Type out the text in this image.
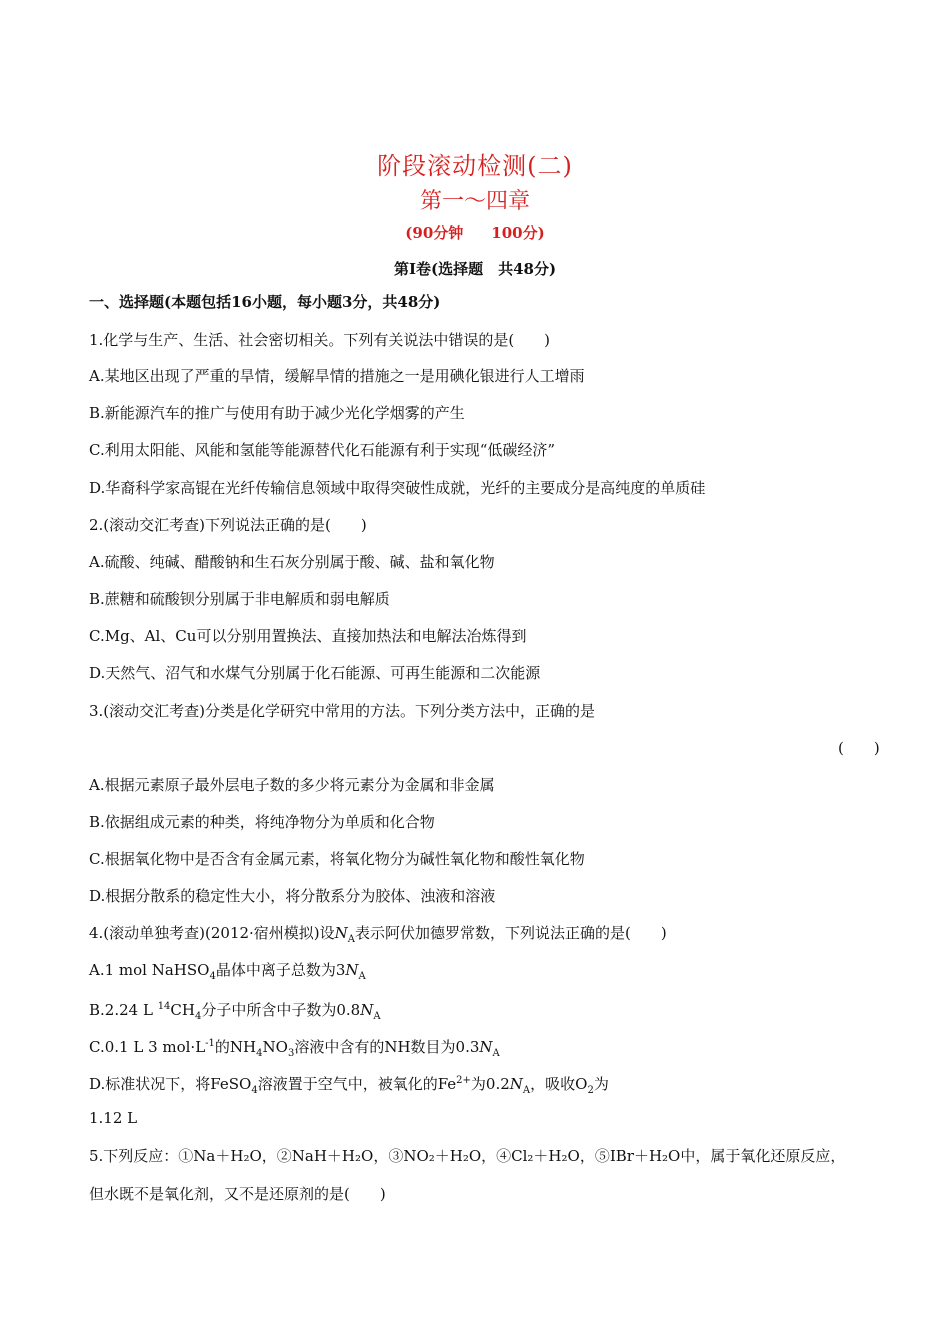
阶段滚动检测(二)
第一～四章
(90分钟 100分)
第Ⅰ卷(选择题　共48分)
一、选择题(本题包括16小题，每小题3分，共48分)
1.化学与生产、生活、社会密切相关。下列有关说法中错误的是(　　)
A.某地区出现了严重的旱情，缓解旱情的措施之一是用碘化银进行人工增雨
B.新能源汽车的推广与使用有助于减少光化学烟雾的产生
C.利用太阳能、风能和氢能等能源替代化石能源有利于实现“低碳经济”
D.华裔科学家高锟在光纤传输信息领域中取得突破性成就，光纤的主要成分是高纯度的单质硅
2.(滚动交汇考查)下列说法正确的是(　　)
A.硫酸、纯碱、醋酸钠和生石灰分别属于酸、碱、盐和氧化物
B.蔗糖和硫酸钡分别属于非电解质和弱电解质
C.Mg、Al、Cu可以分别用置换法、直接加热法和电解法冶炼得到
D.天然气、沼气和水煤气分别属于化石能源、可再生能源和二次能源
3.(滚动交汇考查)分类是化学研究中常用的方法。下列分类方法中，正确的是
(　　)
A.根据元素原子最外层电子数的多少将元素分为金属和非金属
B.依据组成元素的种类，将纯净物分为单质和化合物
C.根据氧化物中是否含有金属元素，将氧化物分为碱性氧化物和酸性氧化物
D.根据分散系的稳定性大小，将分散系分为胶体、浊液和溶液
4.(滚动单独考查)(2012·宿州模拟)设$N_A$表示阿伏加德罗常数，下列说法正确的是(　　)
A.1 mol NaHSO$_4$晶体中离子总数为$3N_A$
B.2.24 L $^{14}CH_4$分子中所含中子数为$0.8N_A$
C.0.1 L 3 $mol\cdot L^{-1}$的$NH_4NO_3$溶液中含有的NH数目为$0.3N_A$
D.标准状况下，将FeSO$_4$溶液置于空气中，被氧化的$Fe^{2+}$为$0.2N_A$，吸收$O_2$为
1.12 L
5.下列反应：①Na＋H₂O，②NaH＋H₂O，③NO₂＋H₂O，④Cl₂＋H₂O，⑤IBr＋H₂O中，属于氧化还原反应，
但水既不是氧化剂，又不是还原剂的是(　　)
